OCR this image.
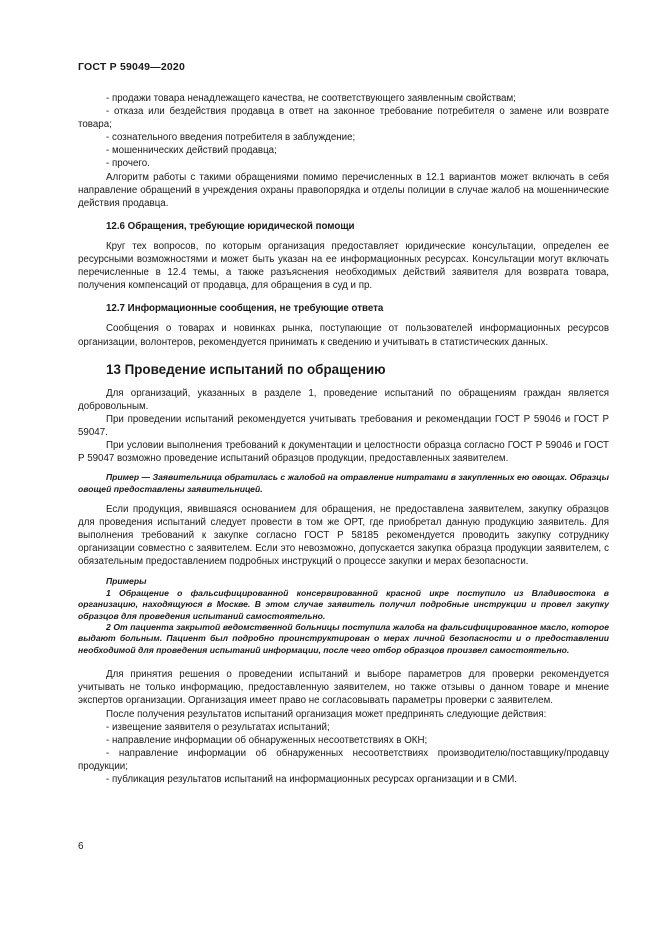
ГОСТ Р 59049—2020

- продажи товара ненадлежащего качества, не соответствующего заявленным свойствам;

- отказа или бездействия продавца в ответ на законное требование потребителя о замене или возврате товара;

- сознательного введения потребителя в заблуждение;

- мошеннических действий продавца;

- прочего.

Алгоритм работы с такими обращениями помимо перечисленных в 12.1 вариантов может включать в себя направление обращений в учреждения охраны правопорядка и отделы полиции в случае жалоб на мошеннические действия продавца.

12.6 Обращения, требующие юридической помощи

Круг тех вопросов, по которым организация предоставляет юридические консультации, определен ее ресурсными возможностями и может быть указан на ее информационных ресурсах. Консультации могут включать перечисленные в 12.4 темы, а также разъяснения необходимых действий заявителя для возврата товара, получения компенсаций от продавца, для обращения в суд и пр.

12.7 Информационные сообщения, не требующие ответа

Сообщения о товарах и новинках рынка, поступающие от пользователей информационных ресурсов организации, волонтеров, рекомендуется принимать к сведению и учитывать в статистических данных.

13 Проведение испытаний по обращению

Для организаций, указанных в разделе 1, проведение испытаний по обращениям граждан является добровольным.

При проведении испытаний рекомендуется учитывать требования и рекомендации ГОСТ Р 59046 и ГОСТ Р 59047.

При условии выполнения требований к документации и целостности образца согласно ГОСТ Р 59046 и ГОСТ Р 59047 возможно проведение испытаний образцов продукции, предоставленных заявителем.

Пример — Заявительница обратилась с жалобой на отравление нитратами в закупленных ею овощах. Образцы овощей предоставлены заявительницей.

Если продукция, явившаяся основанием для обращения, не предоставлена заявителем, закупку образцов для проведения испытаний следует провести в том же ОРТ, где приобретал данную продукцию заявитель. Для выполнения требований к закупке согласно ГОСТ Р 58185 рекомендуется проводить закупку сотруднику организации совместно с заявителем. Если это невозможно, допускается закупка образца продукции заявителем, с обязательным предоставлением подробных инструкций о процессе закупки и мерах безопасности.

Примеры

1 Обращение о фальсифицированной консервированной красной икре поступило из Владивостока в организацию, находящуюся в Москве. В этом случае заявитель получил подробные инструкции и провел закупку образцов для проведения испытаний самостоятельно.

2 От пациента закрытой ведомственной больницы поступила жалоба на фальсифицированное масло, которое выдают больным. Пациент был подробно проинструктирован о мерах личной безопасности и о предоставлении необходимой для проведения испытаний информации, после чего отбор образцов произвел самостоятельно.

Для принятия решения о проведении испытаний и выборе параметров для проверки рекомендуется учитывать не только информацию, предоставленную заявителем, но также отзывы о данном товаре и мнение экспертов организации. Организация имеет право не согласовывать параметры проверки с заявителем.

После получения результатов испытаний организация может предпринять следующие действия:

- извещение заявителя о результатах испытаний;

- направление информации об обнаруженных несоответствиях в ОКН;

- направление информации об обнаруженных несоответствиях производителю/поставщику/продавцу продукции;

- публикация результатов испытаний на информационных ресурсах организации и в СМИ.

6
